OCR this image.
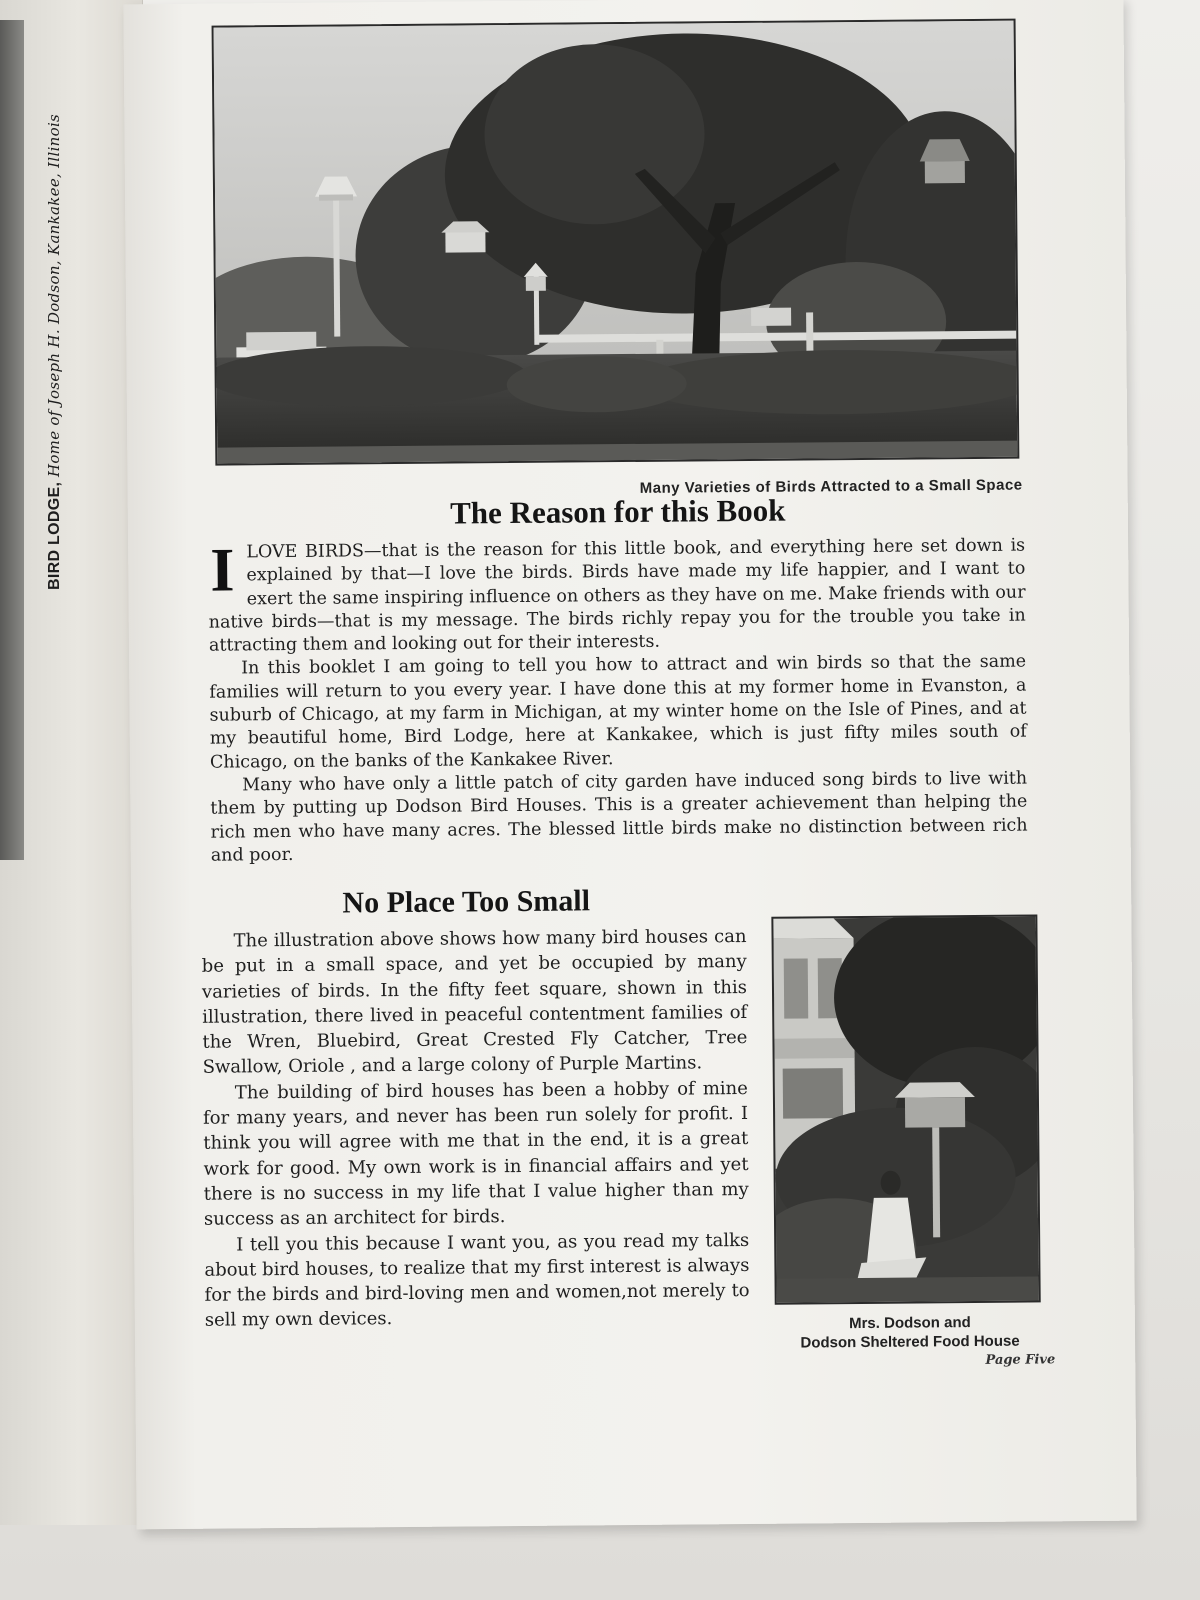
BIRD LODGE, Home of Joseph H. Dodson, Kankakee, Illinois
Many Varieties of Birds Attracted to a Small Space
The Reason for this Book

ILOVE BIRDS—that is the reason for this little book, and everything here set down is explained by that—I love the birds. Birds have made my life happier, and I want to exert the same inspiring influence on others as they have on me. Make friends with our native birds—that is my message. The birds richly repay you for the trouble you take in attracting them and looking out for their interests.

In this booklet I am going to tell you how to attract and win birds so that the same families will return to you every year. I have done this at my former home in Evanston, a suburb of Chicago, at my farm in Michigan, at my winter home on the Isle of Pines, and at my beautiful home, Bird Lodge, here at Kankakee, which is just fifty miles south of Chicago, on the banks of the Kankakee River.

Many who have only a little patch of city garden have induced song birds to live with them by putting up Dodson Bird Houses. This is a greater achievement than helping the rich men who have many acres. The blessed little birds make no distinction between rich and poor.

No Place Too Small

The illustration above shows how many bird houses can be put in a small space, and yet be occupied by many varieties of birds. In the fifty feet square, shown in this illustration, there lived in peaceful contentment families of the Wren, Bluebird, Great Crested Fly Catcher, Tree Swallow, Oriole , and a large colony of Purple Martins.

The building of bird houses has been a hobby of mine for many years, and never has been run solely for profit. I think you will agree with me that in the end, it is a great work for good. My own work is in financial affairs and yet there is no success in my life that I value higher than my success as an architect for birds.

I tell you this because I want you, as you read my talks about bird houses, to realize that my first interest is always for the birds and bird-loving men and women,not merely to sell my own devices.	Mrs. Dodson and
Dodson Sheltered Food House
Page Five
